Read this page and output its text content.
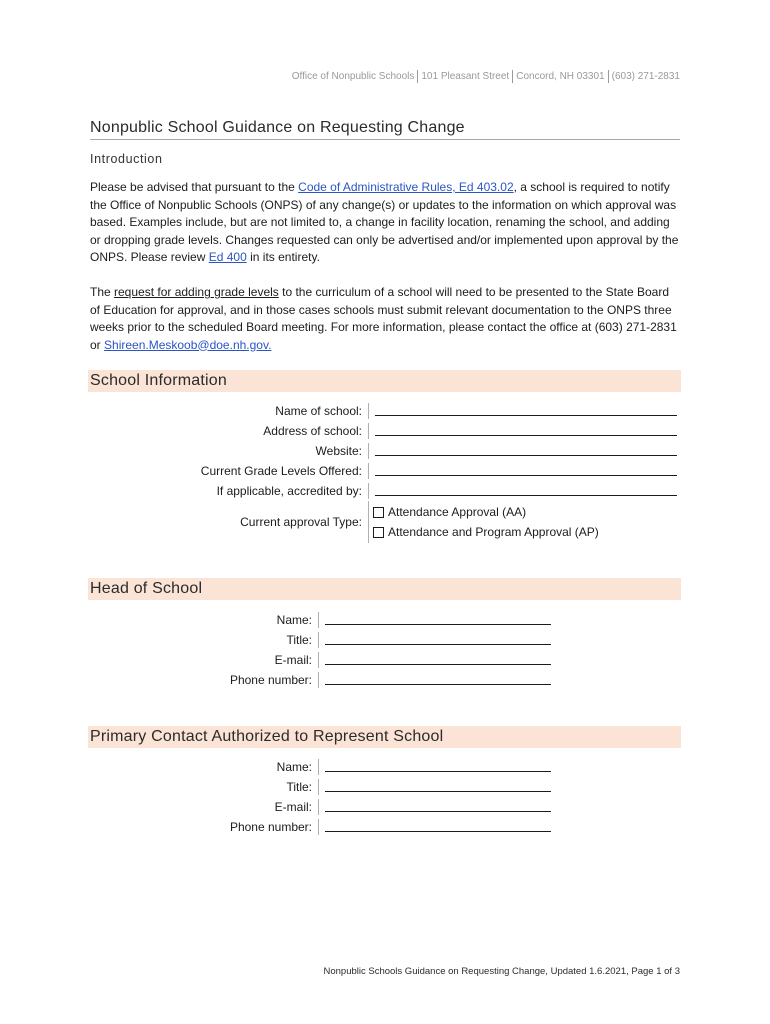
Office of Nonpublic Schools 101 Pleasant Street Concord, NH 03301 (603) 271-2831
Nonpublic School Guidance on Requesting Change
Introduction
Please be advised that pursuant to the Code of Administrative Rules, Ed 403.02, a school is required to notify the Office of Nonpublic Schools (ONPS) of any change(s) or updates to the information on which approval was based. Examples include, but are not limited to, a change in facility location, renaming the school, and adding or dropping grade levels. Changes requested can only be advertised and/or implemented upon approval by the ONPS. Please review Ed 400 in its entirety.
The request for adding grade levels to the curriculum of a school will need to be presented to the State Board of Education for approval, and in those cases schools must submit relevant documentation to the ONPS three weeks prior to the scheduled Board meeting. For more information, please contact the office at (603) 271-2831 or Shireen.Meskoob@doe.nh.gov.
School Information
Name of school:
Address of school:
Website:
Current Grade Levels Offered:
If applicable, accredited by:
Current approval Type:
Attendance Approval (AA)
Attendance and Program Approval (AP)
Head of School
Name:
Title:
E-mail:
Phone number:
Primary Contact Authorized to Represent School
Name:
Title:
E-mail:
Phone number:
Nonpublic Schools Guidance on Requesting Change, Updated 1.6.2021, Page 1 of 3
